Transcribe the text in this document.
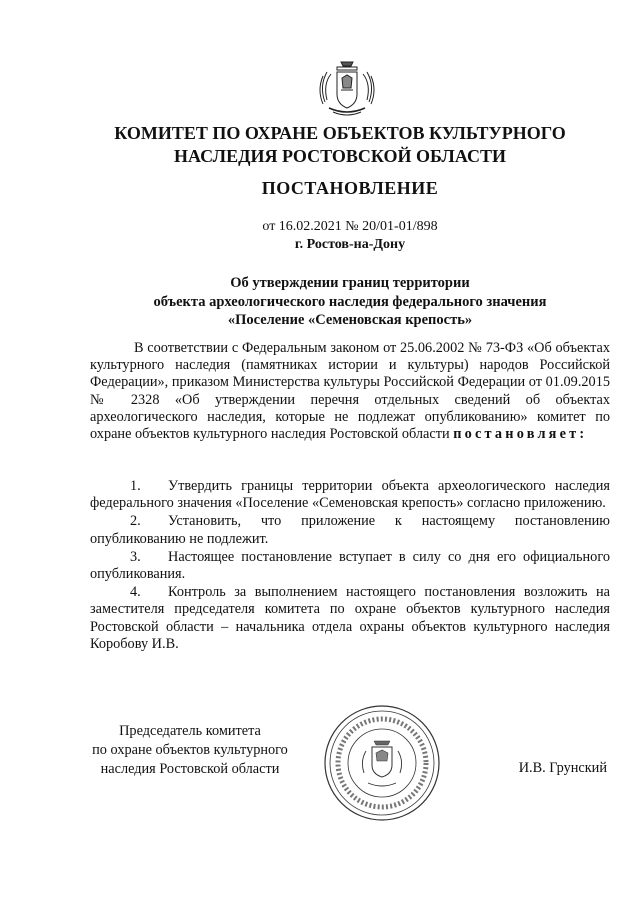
КОМИТЕТ ПО ОХРАНЕ ОБЪЕКТОВ КУЛЬТУРНОГО
НАСЛЕДИЯ РОСТОВСКОЙ ОБЛАСТИ
ПОСТАНОВЛЕНИЕ
от 16.02.2021 № 20/01-01/898
г. Ростов-на-Дону
Об утверждении границ территории
объекта археологического наследия федерального значения
«Поселение «Семеновская крепость»

В соответствии с Федеральным законом от 25.06.2002 № 73-ФЗ «Об объектах культурного наследия (памятниках истории и культуры) народов Российской Федерации», приказом Министерства культуры Российской Федерации от 01.09.2015 № 2328 «Об утверждении перечня отдельных сведений об объектах археологического наследия, которые не подлежат опубликованию» комитет по охране объектов культурного наследия Ростовской области постановляет:

1. Утвердить границы территории объекта археологического наследия федерального значения «Поселение «Семеновская крепость» согласно приложению.

2. Установить, что приложение к настоящему постановлению опубликованию не подлежит.

3. Настоящее постановление вступает в силу со дня его официального опубликования.

4. Контроль за выполнением настоящего постановления возложить на заместителя председателя комитета по охране объектов культурного наследия Ростовской области – начальника отдела охраны объектов культурного наследия Коробову И.В.

Председатель комитета
по охране объектов культурного
наследия Ростовской области	И.В. Грунский
